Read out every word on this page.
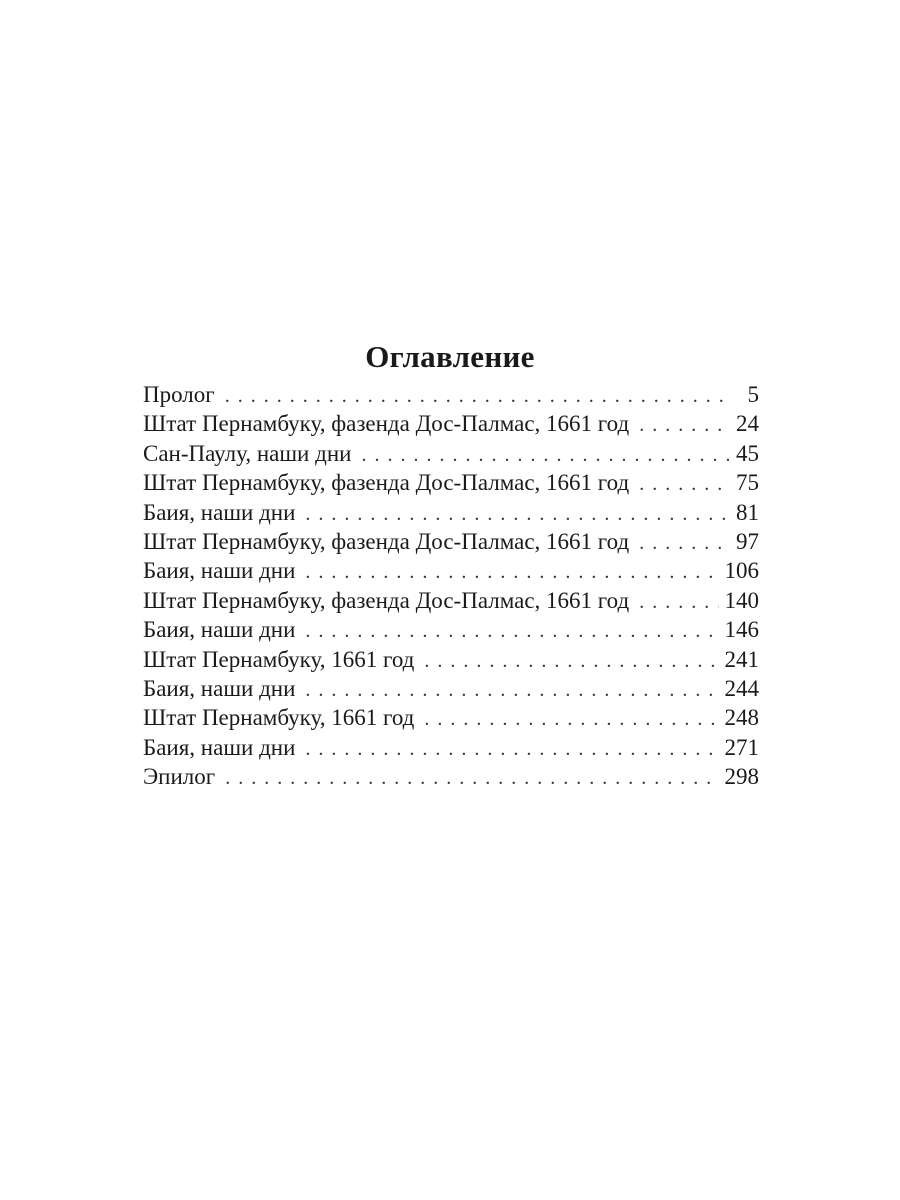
Оглавление
Пролог . . .	5
Штат Пернамбуку, фазенда Дос-Палмас, 1661 год . . .	24
Сан-Паулу, наши дни . . .	45
Штат Пернамбуку, фазенда Дос-Палмас, 1661 год . . .	75
Баия, наши дни . . .	81
Штат Пернамбуку, фазенда Дос-Палмас, 1661 год . . .	97
Баия, наши дни . . .	106
Штат Пернамбуку, фазенда Дос-Палмас, 1661 год . . .	140
Баия, наши дни . . .	146
Штат Пернамбуку, 1661 год . . .	241
Баия, наши дни . . .	244
Штат Пернамбуку, 1661 год . . .	248
Баия, наши дни . . .	271
Эпилог . . .	298
